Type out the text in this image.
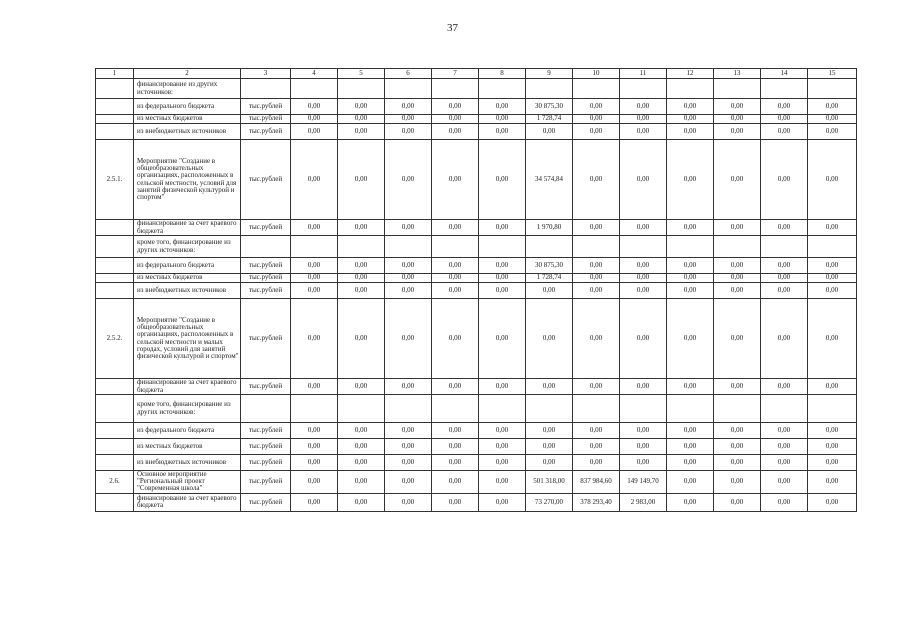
37
1	2	3	4	5	6	7	8	9	10	11	12	13	14	15
	финансирование из других источников:													
	из федерального бюджета	тыс.рублей	0,00	0,00	0,00	0,00	0,00	30 875,30	0,00	0,00	0,00	0,00	0,00	0,00
	из местных бюджетов	тыс.рублей	0,00	0,00	0,00	0,00	0,00	1 728,74	0,00	0,00	0,00	0,00	0,00	0,00
	из внебюджетных источников	тыс.рублей	0,00	0,00	0,00	0,00	0,00	0,00	0,00	0,00	0,00	0,00	0,00	0,00
2.5.1.	Мероприятие "Создание в общеобразовательных организациях, расположенных в сельской местности, условий для занятий физической культурой и спортом"	тыс.рублей	0,00	0,00	0,00	0,00	0,00	34 574,84	0,00	0,00	0,00	0,00	0,00	0,00
	финансирование за счет краевого бюджета	тыс.рублей	0,00	0,00	0,00	0,00	0,00	1 970,80	0,00	0,00	0,00	0,00	0,00	0,00
	кроме того, финансирование из других источников:													
	из федерального бюджета	тыс.рублей	0,00	0,00	0,00	0,00	0,00	30 875,30	0,00	0,00	0,00	0,00	0,00	0,00
	из местных бюджетов	тыс.рублей	0,00	0,00	0,00	0,00	0,00	1 728,74	0,00	0,00	0,00	0,00	0,00	0,00
	из внебюджетных источников	тыс.рублей	0,00	0,00	0,00	0,00	0,00	0,00	0,00	0,00	0,00	0,00	0,00	0,00
2.5.2.	Мероприятие "Создание в общеобразовательных организациях, расположенных в сельской местности и малых городах, условий для занятий физической культурой и спортом"	тыс.рублей	0,00	0,00	0,00	0,00	0,00	0,00	0,00	0,00	0,00	0,00	0,00	0,00
	финансирование за счет краевого бюджета	тыс.рублей	0,00	0,00	0,00	0,00	0,00	0,00	0,00	0,00	0,00	0,00	0,00	0,00
	кроме того, финансирование из других источников:													
	из федерального бюджета	тыс.рублей	0,00	0,00	0,00	0,00	0,00	0,00	0,00	0,00	0,00	0,00	0,00	0,00
	из местных бюджетов	тыс.рублей	0,00	0,00	0,00	0,00	0,00	0,00	0,00	0,00	0,00	0,00	0,00	0,00
	из внебюджетных источников	тыс.рублей	0,00	0,00	0,00	0,00	0,00	0,00	0,00	0,00	0,00	0,00	0,00	0,00
2.6.	Основное мероприятие "Региональный проект "Современная школа"	тыс.рублей	0,00	0,00	0,00	0,00	0,00	501 318,00	837 984,60	149 149,70	0,00	0,00	0,00	0,00
	финансирование за счет краевого бюджета	тыс.рублей	0,00	0,00	0,00	0,00	0,00	73 270,00	378 293,40	2 983,00	0,00	0,00	0,00	0,00
